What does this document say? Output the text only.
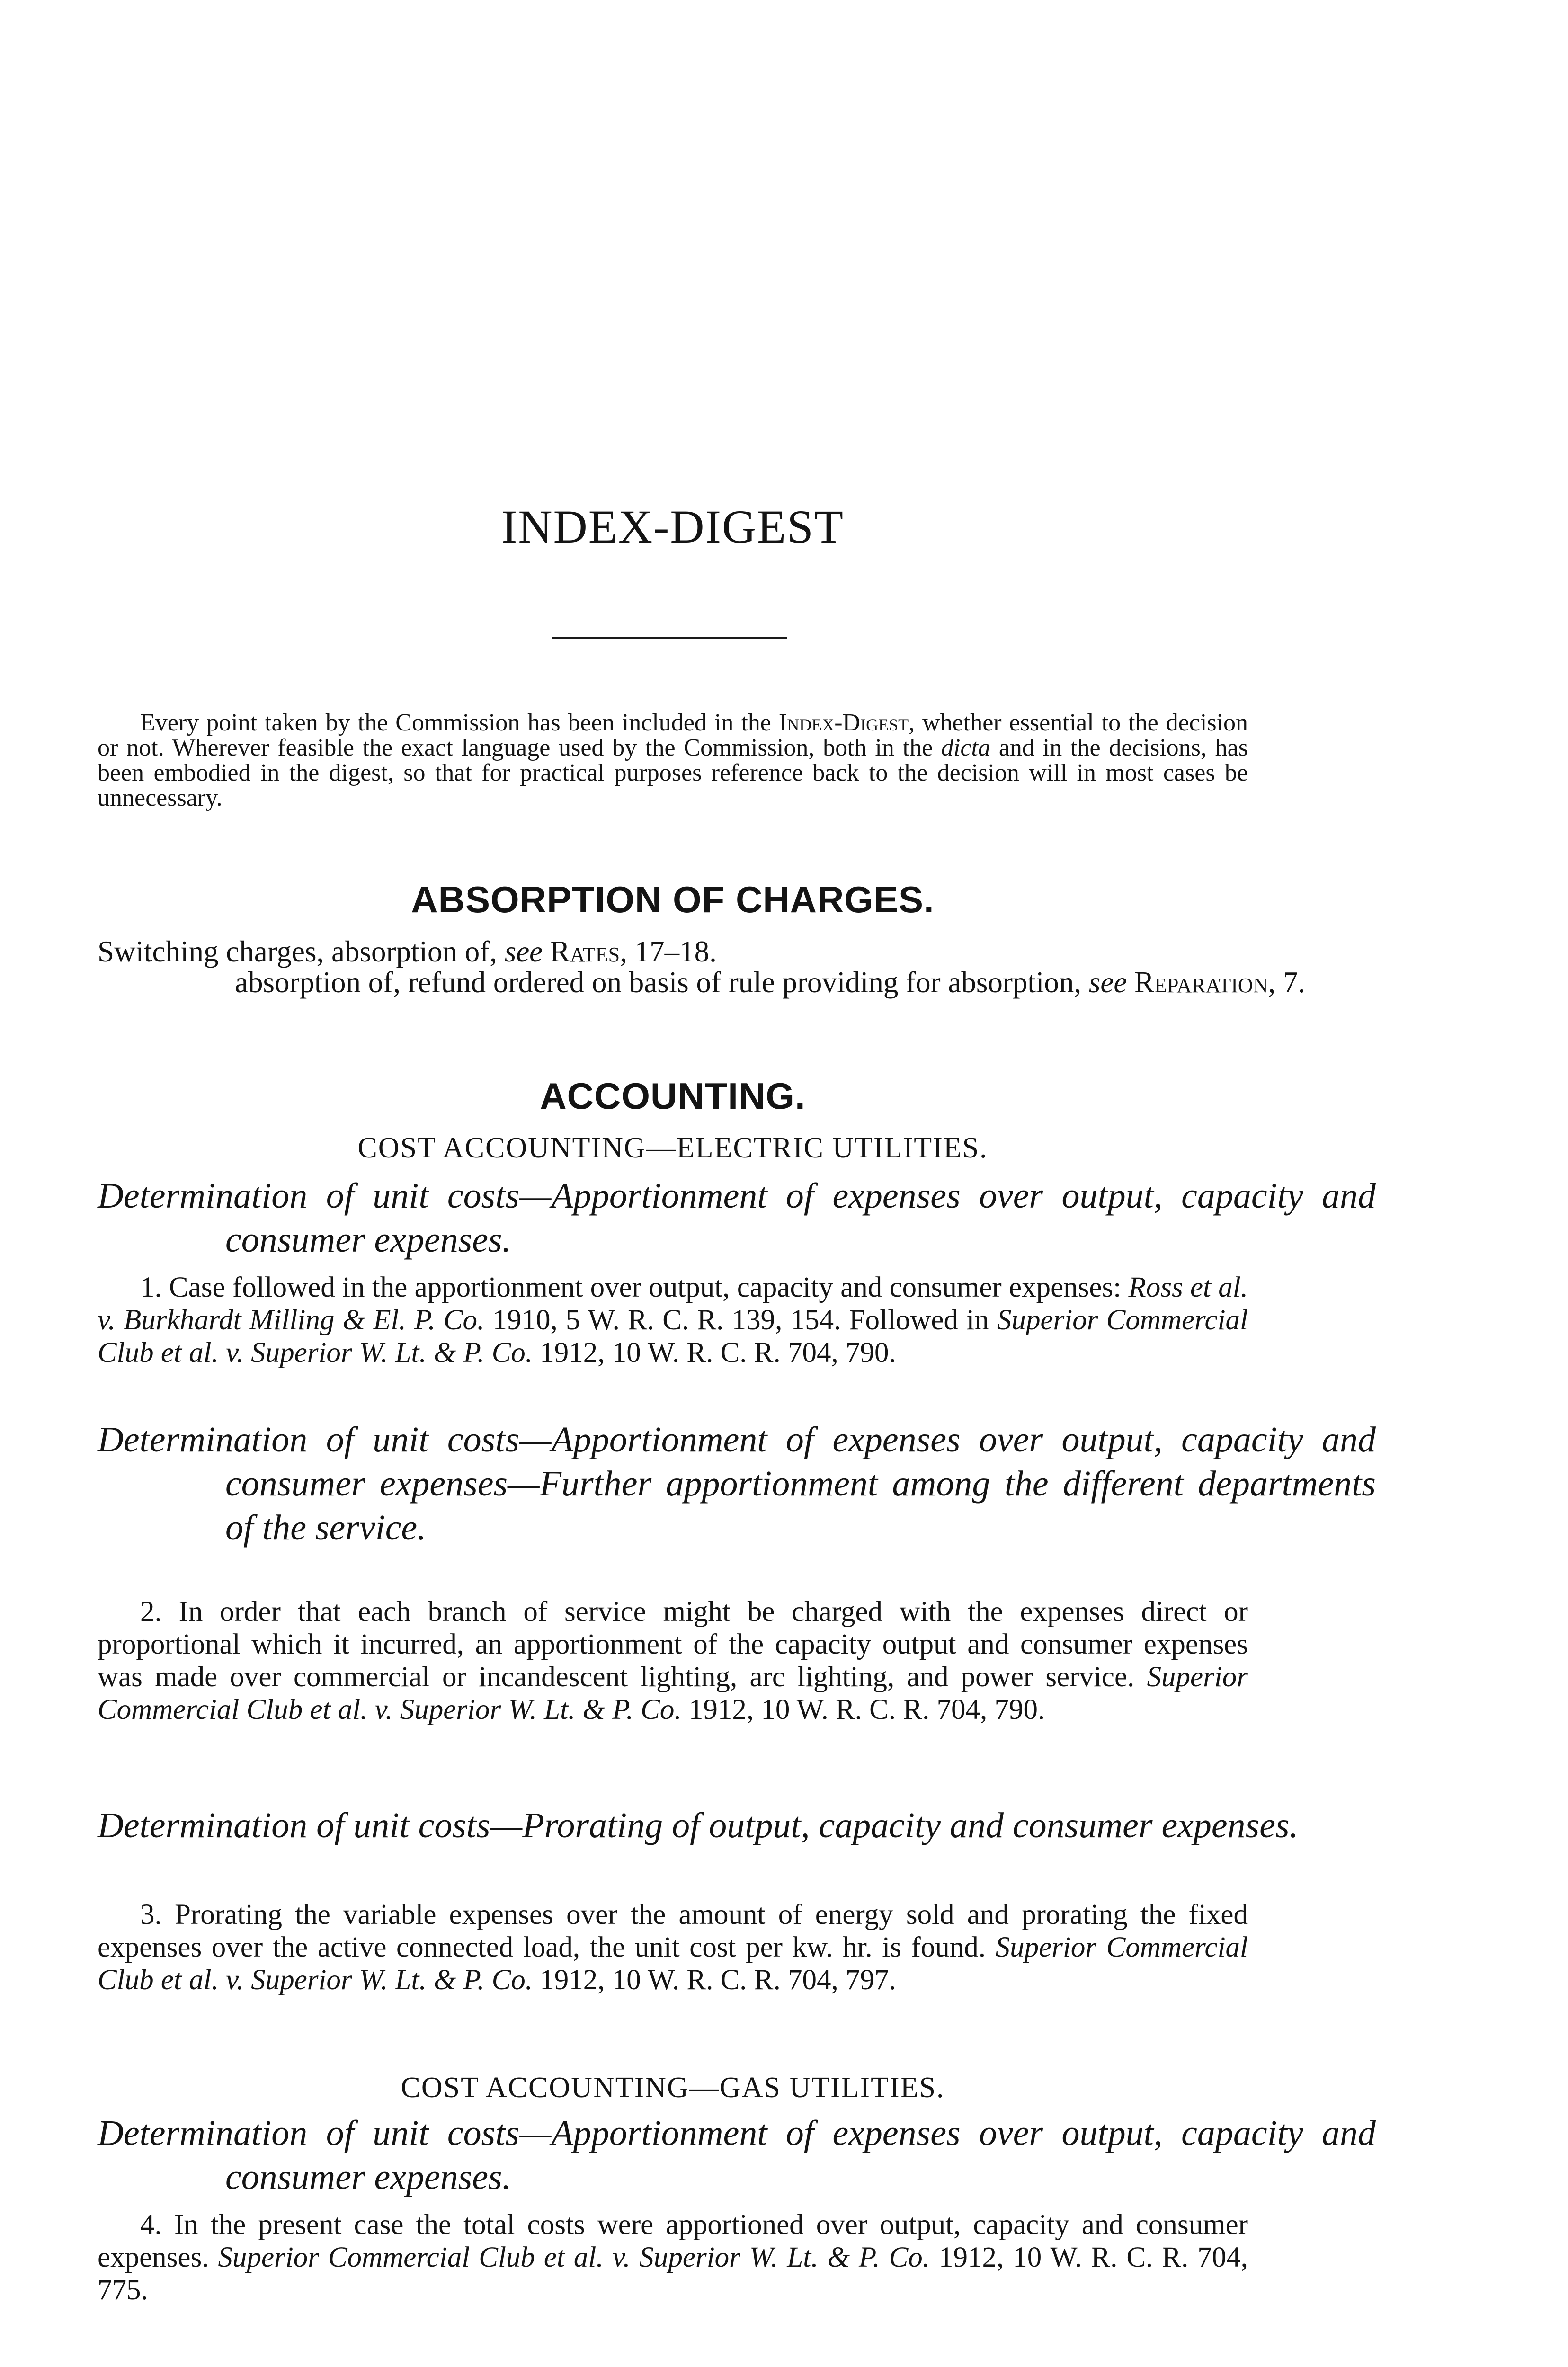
INDEX-DIGEST
Every point taken by the Commission has been included in the Index-Digest, whether essential to the decision or not. Wherever feasible the exact language used by the Commission, both in the dicta and in the decisions, has been embodied in the digest, so that for practical purposes reference back to the decision will in most cases be unnecessary.
ABSORPTION OF CHARGES.
Switching charges, absorption of, see Rates, 17–18.
absorption of, refund ordered on basis of rule providing for absorption, see Reparation, 7.
ACCOUNTING.
COST ACCOUNTING—ELECTRIC UTILITIES.
Determination of unit costs—Apportionment of expenses over output, capacity and consumer expenses.
1. Case followed in the apportionment over output, capacity and consumer expenses: Ross et al. v. Burkhardt Milling & El. P. Co. 1910, 5 W. R. C. R. 139, 154. Followed in Superior Commercial Club et al. v. Superior W. Lt. & P. Co. 1912, 10 W. R. C. R. 704, 790.
Determination of unit costs—Apportionment of expenses over output, capacity and consumer expenses—Further apportionment among the different departments of the service.
2. In order that each branch of service might be charged with the expenses direct or proportional which it incurred, an apportionment of the capacity output and consumer expenses was made over commercial or incandescent lighting, arc lighting, and power service. Superior Commercial Club et al. v. Superior W. Lt. & P. Co. 1912, 10 W. R. C. R. 704, 790.
Determination of unit costs—Prorating of output, capacity and consumer expenses.
3. Prorating the variable expenses over the amount of energy sold and prorating the fixed expenses over the active connected load, the unit cost per kw. hr. is found. Superior Commercial Club et al. v. Superior W. Lt. & P. Co. 1912, 10 W. R. C. R. 704, 797.
COST ACCOUNTING—GAS UTILITIES.
Determination of unit costs—Apportionment of expenses over output, capacity and consumer expenses.
4. In the present case the total costs were apportioned over output, capacity and consumer expenses. Superior Commercial Club et al. v. Superior W. Lt. & P. Co. 1912, 10 W. R. C. R. 704, 775.
